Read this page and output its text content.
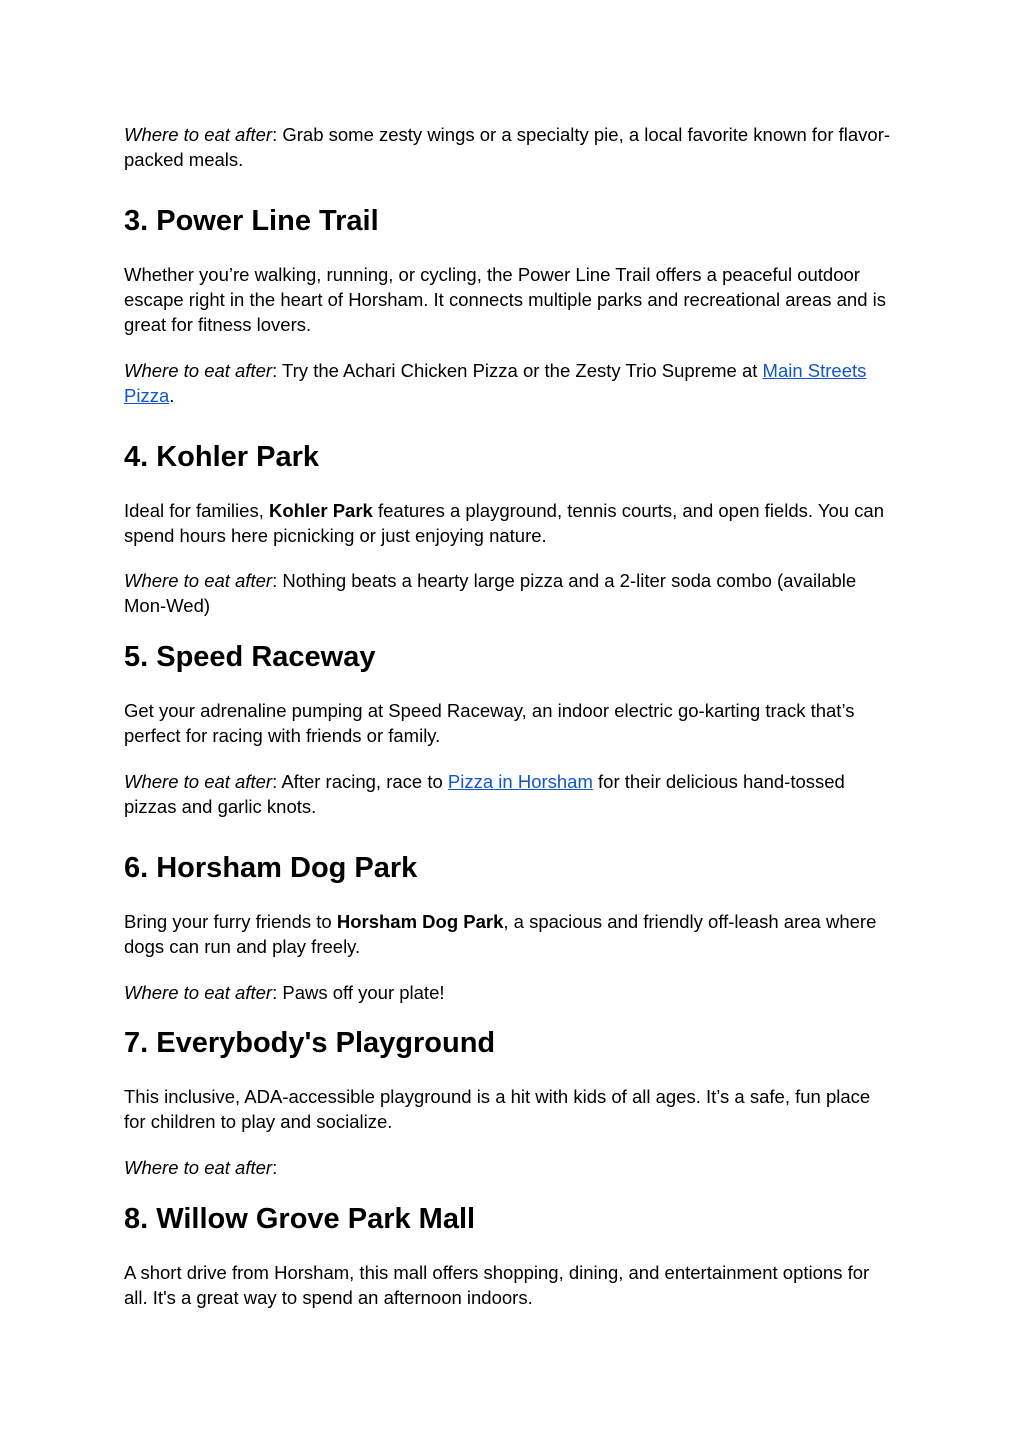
Where to eat after: Grab some zesty wings or a specialty pie, a local favorite known for flavor-packed meals.

3. Power Line Trail

Whether you’re walking, running, or cycling, the Power Line Trail offers a peaceful outdoor escape right in the heart of Horsham. It connects multiple parks and recreational areas and is great for fitness lovers.

Where to eat after: Try the Achari Chicken Pizza or the Zesty Trio Supreme at Main Streets Pizza.

4. Kohler Park

Ideal for families, Kohler Park features a playground, tennis courts, and open fields. You can spend hours here picnicking or just enjoying nature.

Where to eat after: Nothing beats a hearty large pizza and a 2-liter soda combo (available Mon-Wed)

5. Speed Raceway

Get your adrenaline pumping at Speed Raceway, an indoor electric go-karting track that’s perfect for racing with friends or family.

Where to eat after: After racing, race to Pizza in Horsham for their delicious hand-tossed pizzas and garlic knots.

6. Horsham Dog Park

Bring your furry friends to Horsham Dog Park, a spacious and friendly off-leash area where dogs can run and play freely.

Where to eat after: Paws off your plate!

7. Everybody's Playground

This inclusive, ADA-accessible playground is a hit with kids of all ages. It’s a safe, fun place for children to play and socialize.

Where to eat after:

8. Willow Grove Park Mall

A short drive from Horsham, this mall offers shopping, dining, and entertainment options for all. It's a great way to spend an afternoon indoors.
